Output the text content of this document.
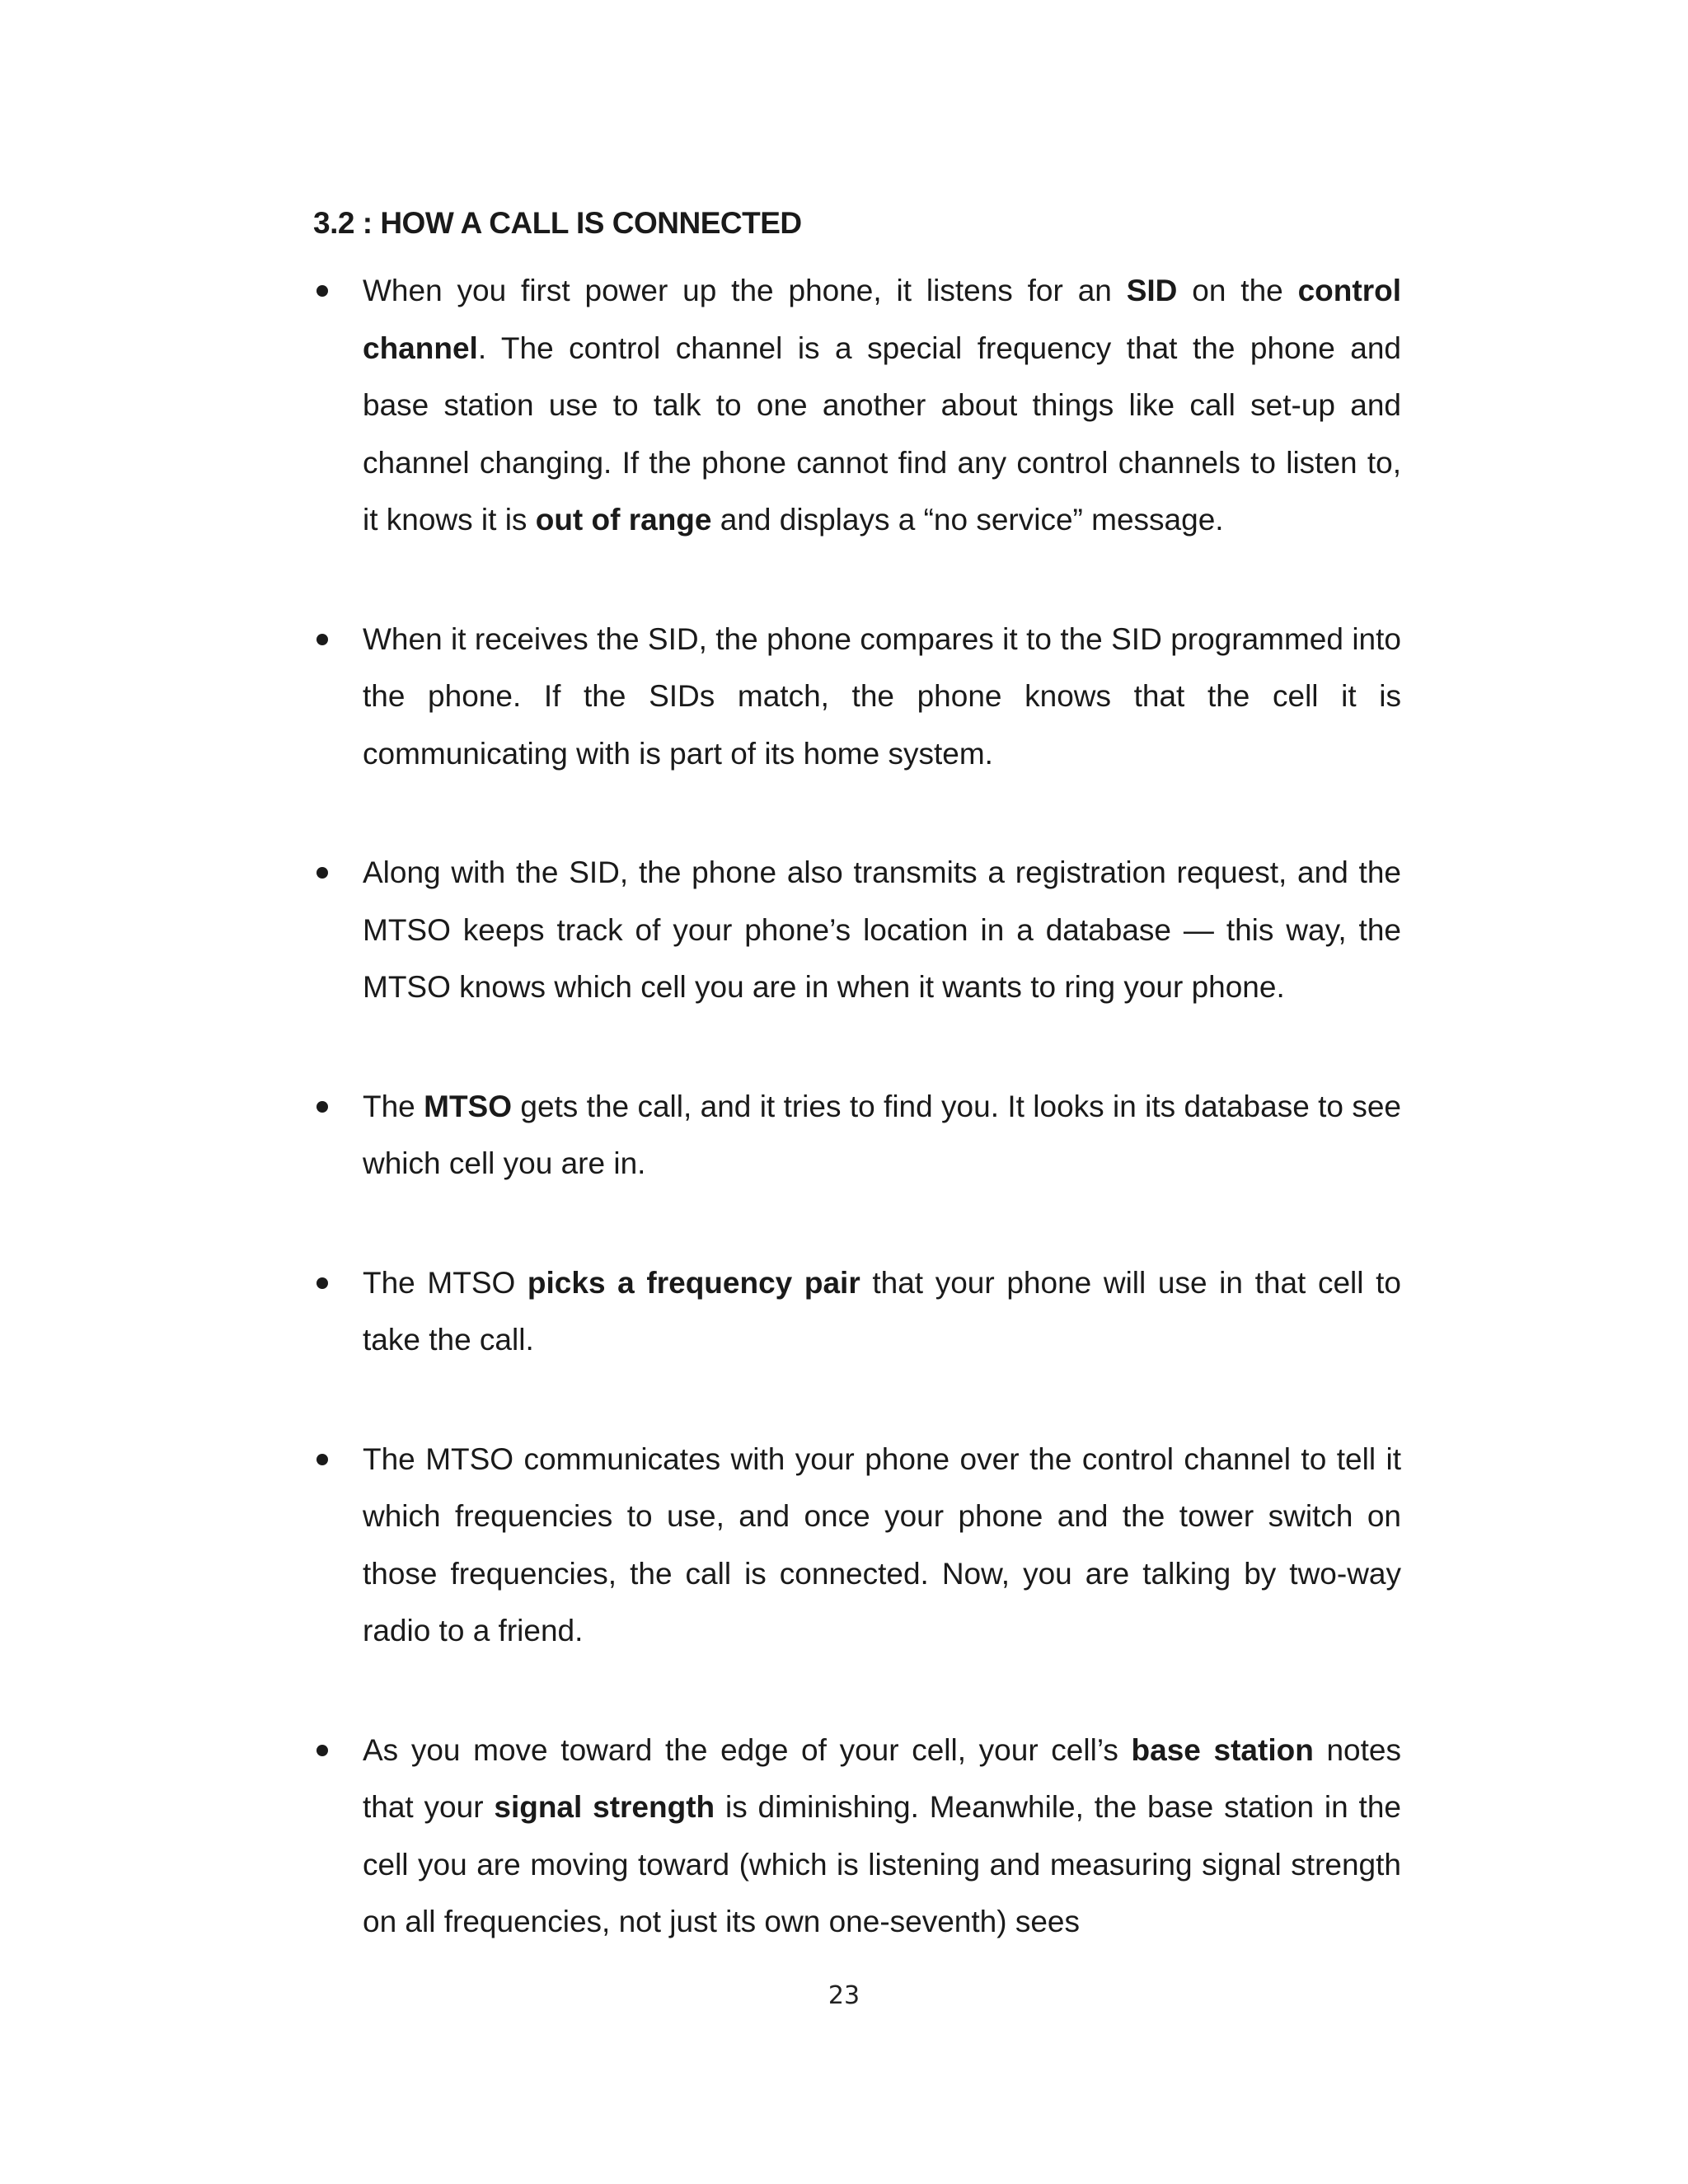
3.2 : HOW A CALL IS CONNECTED
When you first power up the phone, it listens for an SID on the control channel. The control channel is a special frequency that the phone and base station use to talk to one another about things like call set-up and channel changing. If the phone cannot find any control channels to listen to, it knows it is out of range and displays a “no service” message.
When it receives the SID, the phone compares it to the SID programmed into the phone. If the SIDs match, the phone knows that the cell it is communicating with is part of its home system.
Along with the SID, the phone also transmits a registration request, and the MTSO keeps track of your phone’s location in a database — this way, the MTSO knows which cell you are in when it wants to ring your phone.
The MTSO gets the call, and it tries to find you. It looks in its database to see which cell you are in.
The MTSO picks a frequency pair that your phone will use in that cell to take the call.
The MTSO communicates with your phone over the control channel to tell it which frequencies to use, and once your phone and the tower switch on those frequencies, the call is connected. Now, you are talking by two-way radio to a friend.
As you move toward the edge of your cell, your cell’s base station notes that your signal strength is diminishing. Meanwhile, the base station in the cell you are moving toward (which is listening and measuring signal strength on all frequencies, not just its own one-seventh) sees
23
